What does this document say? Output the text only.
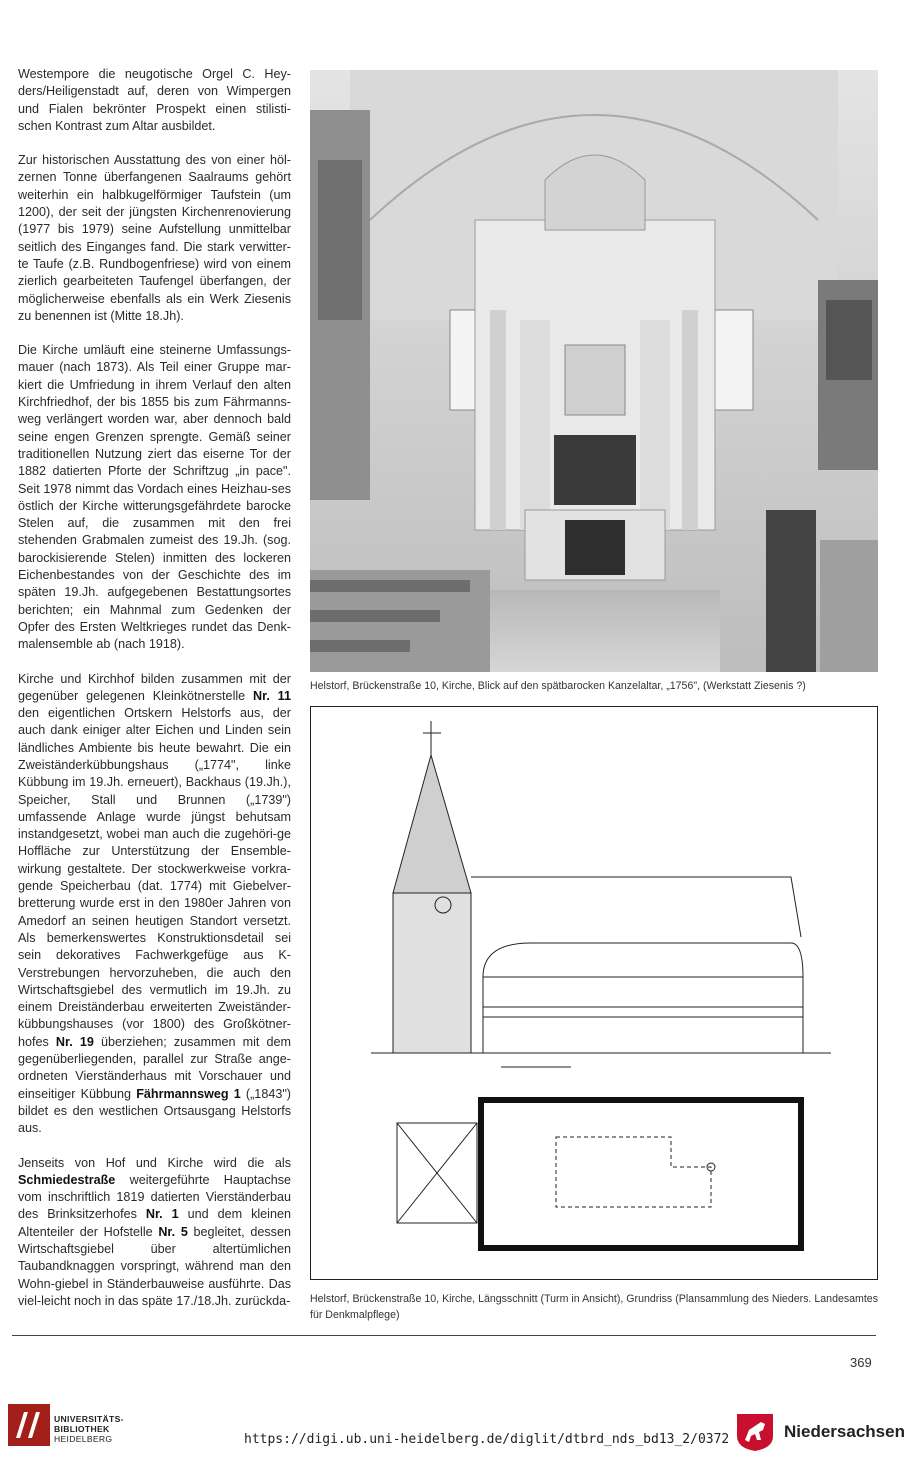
Westempore die neugotische Orgel C. Hey-ders/Heiligenstadt auf, deren von Wimpergen und Fialen bekrönter Prospekt einen stilisti-schen Kontrast zum Altar ausbildet.

Zur historischen Ausstattung des von einer höl-zernen Tonne überfangenen Saalraums gehört weiterhin ein halbkugelförmiger Taufstein (um 1200), der seit der jüngsten Kirchenrenovierung (1977 bis 1979) seine Aufstellung unmittelbar seitlich des Einganges fand. Die stark verwitter-te Taufe (z.B. Rundbogenfriese) wird von einem zierlich gearbeiteten Taufengel überfangen, der möglicherweise ebenfalls als ein Werk Ziesenis zu benennen ist (Mitte 18.Jh).

Die Kirche umläuft eine steinerne Umfassungs-mauer (nach 1873). Als Teil einer Gruppe mar-kiert die Umfriedung in ihrem Verlauf den alten Kirchfriedhof, der bis 1855 bis zum Fährmanns-weg verlängert worden war, aber dennoch bald seine engen Grenzen sprengte. Gemäß seiner traditionellen Nutzung ziert das eiserne Tor der 1882 datierten Pforte der Schriftzug „in pace". Seit 1978 nimmt das Vordach eines Heizhau-ses östlich der Kirche witterungsgefährdete barocke Stelen auf, die zusammen mit den frei stehenden Grabmalen zumeist des 19.Jh. (sog. barockisierende Stelen) inmitten des lockeren Eichenbestandes von der Geschichte des im späten 19.Jh. aufgegebenen Bestattungsortes berichten; ein Mahnmal zum Gedenken der Opfer des Ersten Weltkrieges rundet das Denk-malensemble ab (nach 1918).

Kirche und Kirchhof bilden zusammen mit der gegenüber gelegenen Kleinkötnerstelle Nr. 11 den eigentlichen Ortskern Helstorfs aus, der auch dank einiger alter Eichen und Linden sein ländliches Ambiente bis heute bewahrt. Die ein Zweiständerkübbungshaus („1774", linke Kübbung im 19.Jh. erneuert), Backhaus (19.Jh.), Speicher, Stall und Brunnen („1739") umfassende Anlage wurde jüngst behutsam instandgesetzt, wobei man auch die zugehöri-ge Hofflächе zur Unterstützung der Ensemble-wirkung gestaltete. Der stockwerkweise vorkra-gende Speicherbau (dat. 1774) mit Giebelver-bretterung wurde erst in den 1980er Jahren von Amedorf an seinen heutigen Standort versetzt. Als bemerkenswertes Konstruktionsdetail sei sein dekoratives Fachwerkgefüge aus K-Verstrebungen hervorzuheben, die auch den Wirtschaftsgiebel des vermutlich im 19.Jh. zu einem Dreiständerbau erweiterten Zweiständer-kübbungshauses (vor 1800) des Großkötner-hofes Nr. 19 überziehen; zusammen mit dem gegenüberliegenden, parallel zur Straße ange-ordneten Vierständerhaus mit Vorschauer und einseitiger Kübbung Fährmannsweg 1 („1843") bildet es den westlichen Ortsausgang Helstorfs aus.

Jenseits von Hof und Kirche wird die als Schmiedestraße weitergeführte Hauptachse vom inschriftlich 1819 datierten Vierständerbau des Brinksitzerhofes Nr. 1 und dem kleinen Altenteiler der Hofstelle Nr. 5 begleitet, dessen Wirtschaftsgiebel über altertümlichen Taubandknaggen vorspringt, während man den Wohn-giebel in Ständerbauweise ausführte. Das viel-leicht noch in das späte 17./18.Jh. zurückda-

Helstorf, Brückenstraße 10, Kirche, Blick auf den spätbarocken Kanzelaltar, „1756", (Werkstatt Ziesenis ?)
Helstorf, Brückenstraße 10, Kirche, Längsschnitt (Turm in Ansicht), Grundriss (Plansammlung des Nieders. Landesamtes für Denkmalpflege)
369
UNIVERSITÄTS-
BIBLIOTHEK
HEIDELBERG	https://digi.ub.uni-heidelberg.de/diglit/dtbrd_nds_bd13_2/0372	Niedersachsen
